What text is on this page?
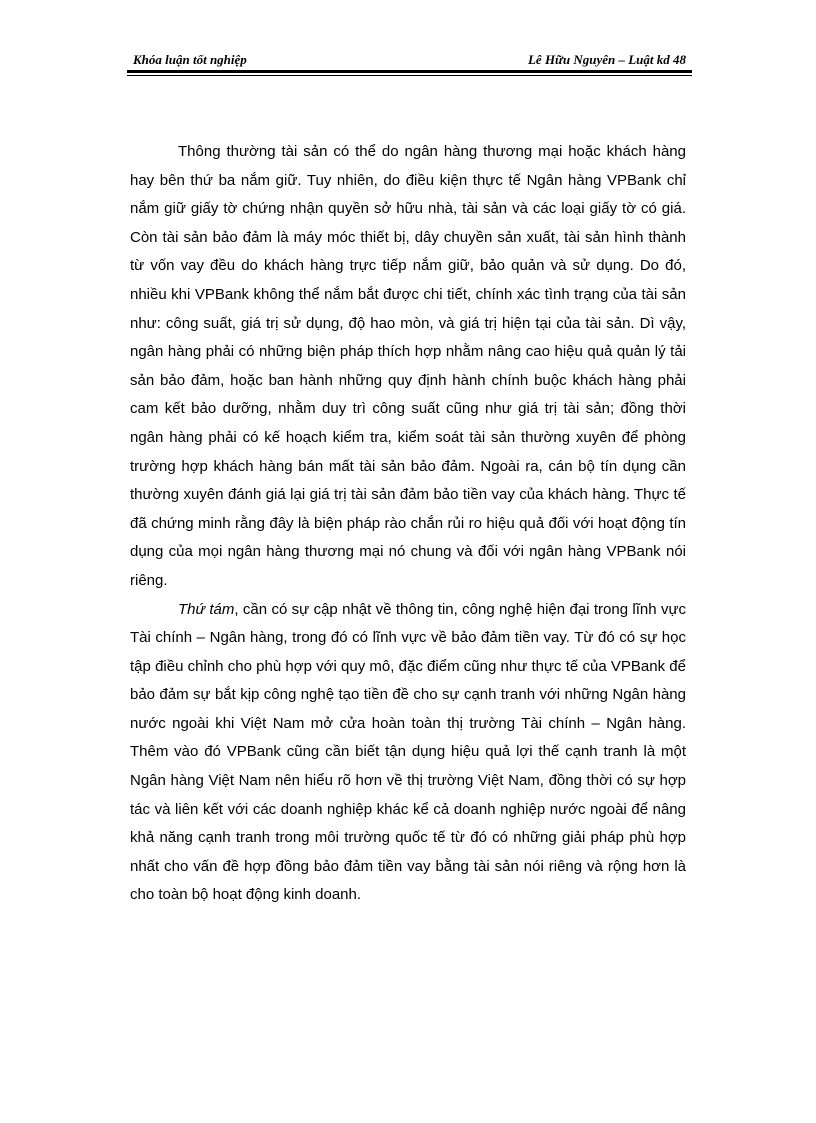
Khóa luận tốt nghiệp	Lê Hữu Nguyên – Luật kd 48

Thông thường tài sản có thể do ngân hàng thương mại hoặc khách hàng hay bên thứ ba nắm giữ. Tuy nhiên, do điều kiện thực tế Ngân hàng VPBank chỉ nắm giữ giấy tờ chứng nhận quyền sở hữu nhà, tài sản và các loại giấy tờ có giá. Còn tài sản bảo đảm là máy móc thiết bị, dây chuyền sản xuất, tài sản hình thành từ vốn vay đều do khách hàng trực tiếp nắm giữ, bảo quản và sử dụng. Do đó, nhiều khi VPBank không thể nắm bắt được chi tiết, chính xác tình trạng của tài sản như: công suất, giá trị sử dụng, độ hao mòn, và giá trị hiện tại của tài sản. Dì vậy, ngân hàng phải có những biện pháp thích hợp nhằm nâng cao hiệu quả quản lý tải sản bảo đảm, hoặc ban hành những quy định hành chính buộc khách hàng phải cam kết bảo dưỡng, nhằm duy trì công suất cũng như giá trị tài sản; đồng thời ngân hàng phải có kế hoạch kiểm tra, kiểm soát tài sản thường xuyên để phòng trường hợp khách hàng bán mất tài sản bảo đảm. Ngoài ra, cán bộ tín dụng cần thường xuyên đánh giá lại giá trị tài sản đảm bảo tiền vay của khách hàng. Thực tế đã chứng minh rằng đây là biện pháp rào chắn rủi ro hiệu quả đối với hoạt động tín dụng của mọi ngân hàng thương mại nó chung và đối với ngân hàng VPBank nói riêng.

Thứ tám, cần có sự cập nhật về thông tin, công nghệ hiện đại trong lĩnh vực Tài chính – Ngân hàng, trong đó có lĩnh vực về bảo đảm tiền vay. Từ đó có sự học tập điều chỉnh cho phù hợp với quy mô, đặc điểm cũng như thực tế của VPBank để bảo đảm sự bắt kịp công nghệ tạo tiền đề cho sự cạnh tranh với những Ngân hàng nước ngoài khi Việt Nam mở cửa hoàn toàn thị trường Tài chính – Ngân hàng. Thêm vào đó VPBank cũng cần biết tận dụng hiệu quả lợi thế cạnh tranh là một Ngân hàng Việt Nam nên hiểu rõ hơn về thị trường Việt Nam, đồng thời có sự hợp tác và liên kết với các doanh nghiệp khác kể cả doanh nghiệp nước ngoài để nâng khả năng cạnh tranh trong môi trường quốc tế từ đó có những giải pháp phù hợp nhất cho vấn đề hợp đồng bảo đảm tiền vay bằng tài sản nói riêng và rộng hơn là cho toàn bộ hoạt động kinh doanh.
